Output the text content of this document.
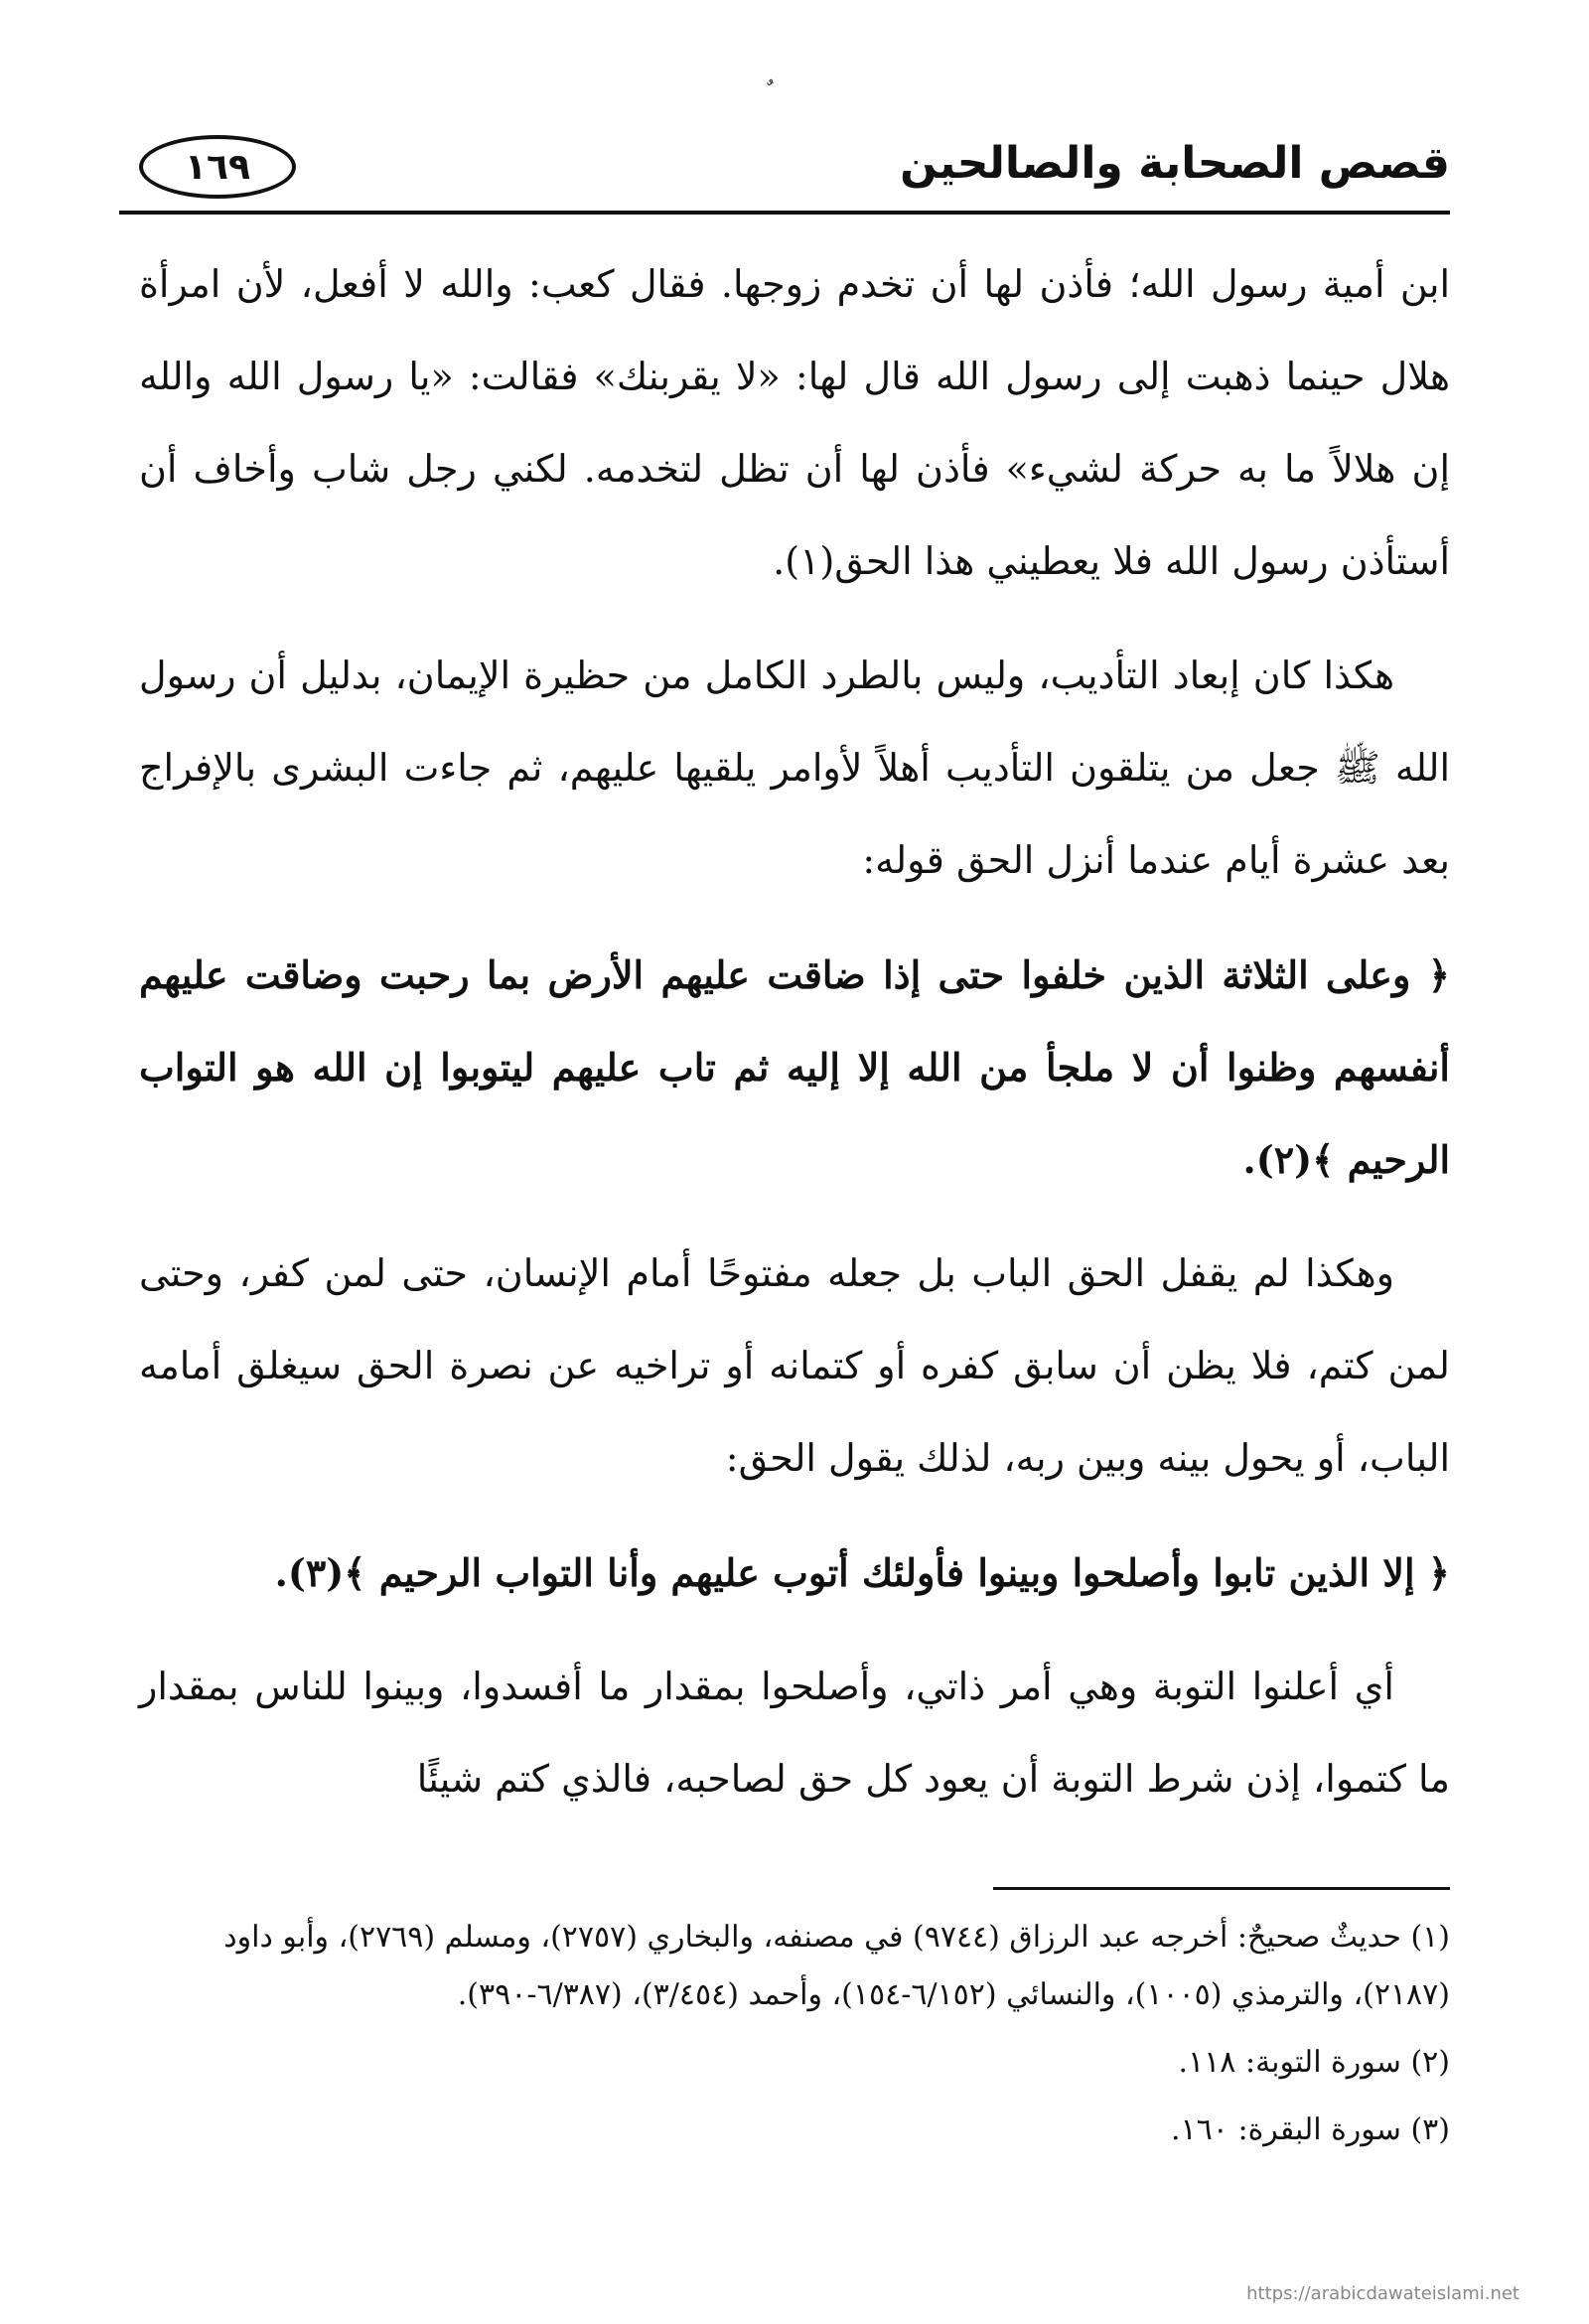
قصص الصحابة والصالحين
١٦٩

ابن أمية رسول الله؛ فأذن لها أن تخدم زوجها. فقال كعب: والله لا أفعل، لأن امرأة هلال حينما ذهبت إلى رسول الله قال لها: «لا يقربنك» فقالت: «يا رسول الله والله إن هلالاً ما به حركة لشيء» فأذن لها أن تظل لتخدمه. لكني رجل شاب وأخاف أن أستأذن رسول الله فلا يعطيني هذا الحق(١).

هكذا كان إبعاد التأديب، وليس بالطرد الكامل من حظيرة الإيمان، بدليل أن رسول الله ﷺ جعل من يتلقون التأديب أهلاً لأوامر يلقيها عليهم، ثم جاءت البشرى بالإفراج بعد عشرة أيام عندما أنزل الحق قوله:

﴿ وعلى الثلاثة الذين خلفوا حتى إذا ضاقت عليهم الأرض بما رحبت وضاقت عليهم أنفسهم وظنوا أن لا ملجأ من الله إلا إليه ثم تاب عليهم ليتوبوا إن الله هو التواب الرحيم ﴾(٢).

وهكذا لم يقفل الحق الباب بل جعله مفتوحًا أمام الإنسان، حتى لمن كفر، وحتى لمن كتم، فلا يظن أن سابق كفره أو كتمانه أو تراخيه عن نصرة الحق سيغلق أمامه الباب، أو يحول بينه وبين ربه، لذلك يقول الحق:

﴿ إلا الذين تابوا وأصلحوا وبينوا فأولئك أتوب عليهم وأنا التواب الرحيم ﴾(٣).

أي أعلنوا التوبة وهي أمر ذاتي، وأصلحوا بمقدار ما أفسدوا، وبينوا للناس بمقدار ما كتموا، إذن شرط التوبة أن يعود كل حق لصاحبه، فالذي كتم شيئًا

(١) حديثٌ صحيحٌ: أخرجه عبد الرزاق (٩٧٤٤) في مصنفه، والبخاري (٢٧٥٧)، ومسلم (٢٧٦٩)، وأبو داود (٢١٨٧)، والترمذي (١٠٠٥)، والنسائي (٦/١٥٢-١٥٤)، وأحمد (٣/٤٥٤)، (٦/٣٨٧-٣٩٠).

(٢) سورة التوبة: ١١٨.

(٣) سورة البقرة: ١٦٠.

https://arabicdawateislami.net
